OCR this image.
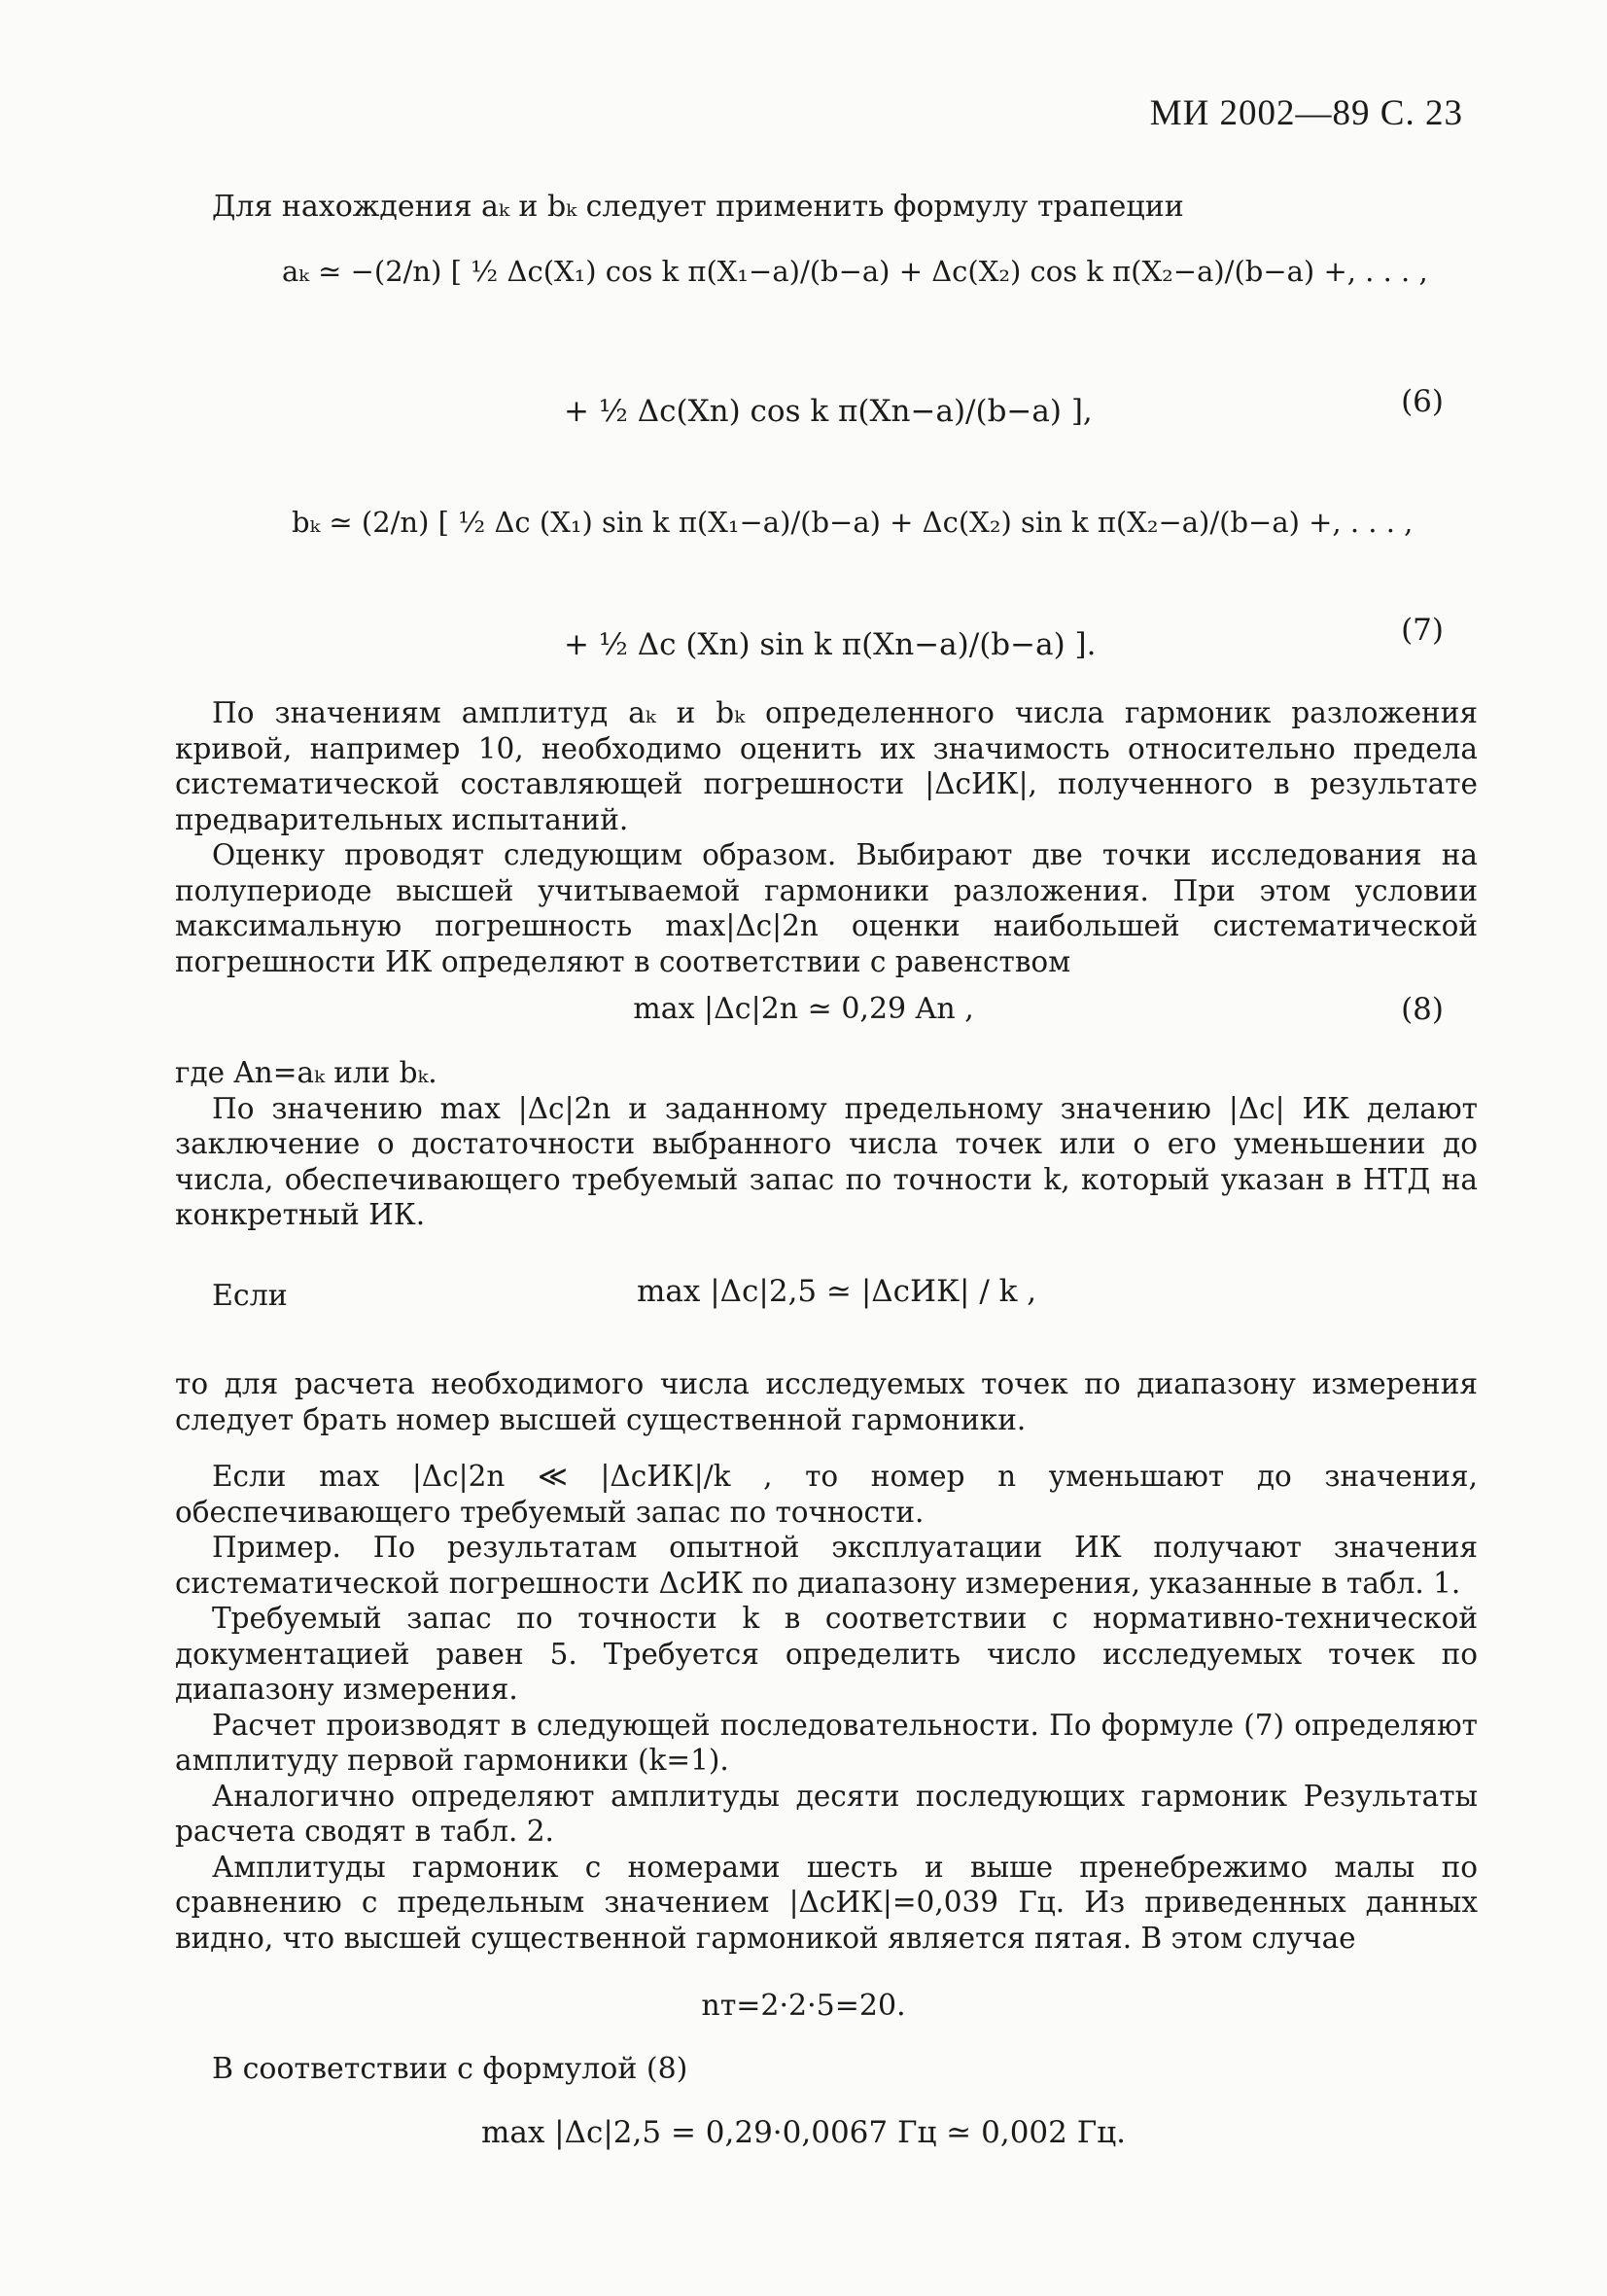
МИ 2002—89 С. 23
Для нахождения aₖ и bₖ следует применить формулу трапеции
aₖ ≃ −(2/n) [ ½ Δc(X₁) cos k π(X₁−a)/(b−a) + Δc(X₂) cos k π(X₂−a)/(b−a) +, . . . ,
+ ½ Δc(Xn) cos k π(Xn−a)/(b−a) ],	(6)
bₖ ≃ (2/n) [ ½ Δc (X₁) sin k π(X₁−a)/(b−a) + Δc(X₂) sin k π(X₂−a)/(b−a) +, . . . ,
+ ½ Δc (Xn) sin k π(Xn−a)/(b−a) ].	(7)

По значениям амплитуд aₖ и bₖ определенного числа гармоник разложения кривой, например 10, необходимо оценить их значимость относительно предела систематической составляющей погрешности |ΔcИК|, полученного в результате предварительных испытаний.

Оценку проводят следующим образом. Выбирают две точки исследования на полупериоде высшей учитываемой гармоники разложения. При этом условии максимальную погрешность max|Δc|2n оценки наибольшей систематической погрешности ИК определяют в соответствии с равенством

max |Δc|2n ≃ 0,29 An ,	(8)

где An=aₖ или bₖ.

По значению max |Δc|2n и заданному предельному значению |Δc| ИК делают заключение о достаточности выбранного числа точек или о его уменьшении до числа, обеспечивающего требуемый запас по точности k, который указан в НТД на конкретный ИК.

Если	max |Δc|2,5 ≃ |ΔcИК| / k ,

то для расчета необходимого числа исследуемых точек по диапазону измерения следует брать номер высшей существенной гармоники.

Если max |Δc|2n ≪ |ΔcИК|/k , то номер n уменьшают до значения, обеспечивающего требуемый запас по точности.

Пример. По результатам опытной эксплуатации ИК получают значения систематической погрешности ΔcИК по диапазону измерения, указанные в табл. 1.

Требуемый запас по точности k в соответствии с нормативно-технической документацией равен 5. Требуется определить число исследуемых точек по диапазону измерения.

Расчет производят в следующей последовательности. По формуле (7) определяют амплитуду первой гармоники (k=1).

Аналогично определяют амплитуды десяти последующих гармоник Результаты расчета сводят в табл. 2.

Амплитуды гармоник с номерами шесть и выше пренебрежимо малы по сравнению с предельным значением |ΔcИК|=0,039 Гц. Из приведенных данных видно, что высшей существенной гармоникой является пятая. В этом случае

nт=2·2·5=20.
В соответствии с формулой (8)
max |Δc|2,5 = 0,29·0,0067 Гц ≃ 0,002 Гц.
